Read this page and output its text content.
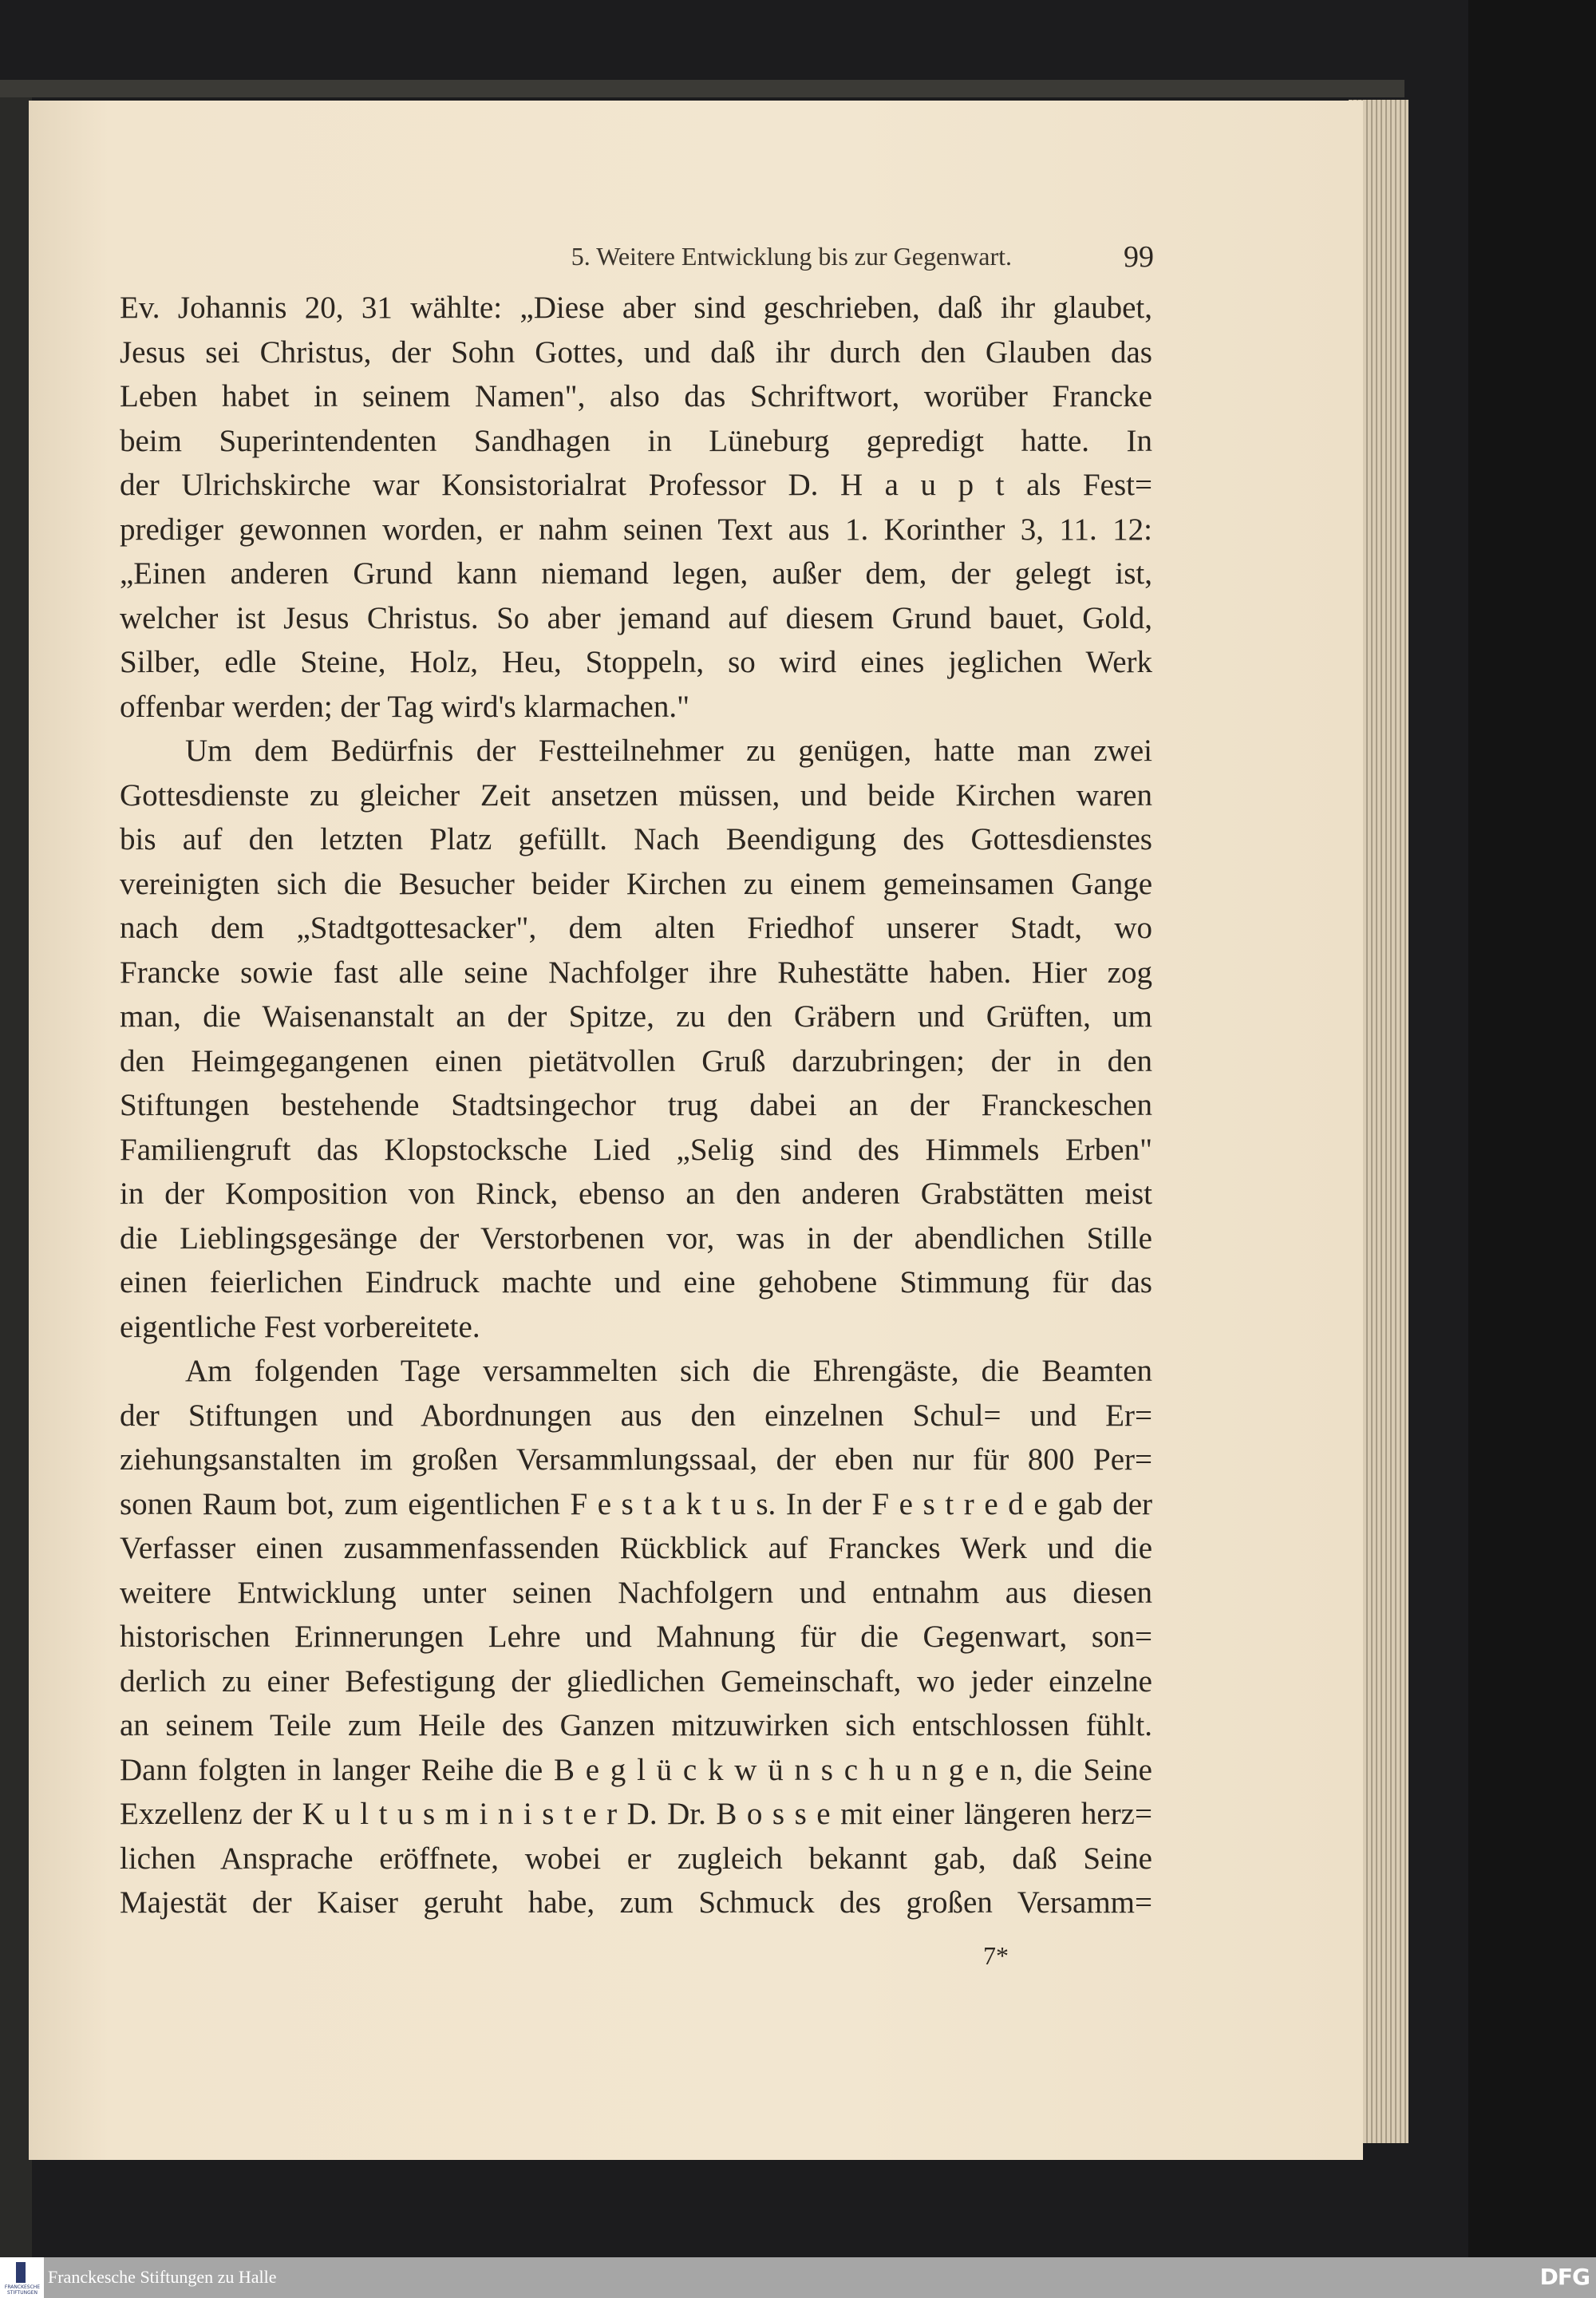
5. Weitere Entwicklung bis zur Gegenwart.	99
Ev. Johannis 20, 31 wählte: „Diese aber sind geschrieben, daß ihr glaubet,
Jesus sei Christus, der Sohn Gottes, und daß ihr durch den Glauben das
Leben habet in seinem Namen", also das Schriftwort, worüber Francke
beim Superintendenten Sandhagen in Lüneburg gepredigt hatte. In
der Ulrichskirche war Konsistorialrat Professor D. H a u p t als Fest=
prediger gewonnen worden, er nahm seinen Text aus 1. Korinther 3, 11. 12:
„Einen anderen Grund kann niemand legen, außer dem, der gelegt ist,
welcher ist Jesus Christus. So aber jemand auf diesem Grund bauet, Gold,
Silber, edle Steine, Holz, Heu, Stoppeln, so wird eines jeglichen Werk
offenbar werden; der Tag wird's klarmachen."
Um dem Bedürfnis der Festteilnehmer zu genügen, hatte man zwei
Gottesdienste zu gleicher Zeit ansetzen müssen, und beide Kirchen waren
bis auf den letzten Platz gefüllt. Nach Beendigung des Gottesdienstes
vereinigten sich die Besucher beider Kirchen zu einem gemeinsamen Gange
nach dem „Stadtgottesacker", dem alten Friedhof unserer Stadt, wo
Francke sowie fast alle seine Nachfolger ihre Ruhestätte haben. Hier zog
man, die Waisenanstalt an der Spitze, zu den Gräbern und Grüften, um
den Heimgegangenen einen pietätvollen Gruß darzubringen; der in den
Stiftungen bestehende Stadtsingechor trug dabei an der Franckeschen
Familiengruft das Klopstocksche Lied „Selig sind des Himmels Erben"
in der Komposition von Rinck, ebenso an den anderen Grabstätten meist
die Lieblingsgesänge der Verstorbenen vor, was in der abendlichen Stille
einen feierlichen Eindruck machte und eine gehobene Stimmung für das
eigentliche Fest vorbereitete.
Am folgenden Tage versammelten sich die Ehrengäste, die Beamten
der Stiftungen und Abordnungen aus den einzelnen Schul= und Er=
ziehungsanstalten im großen Versammlungssaal, der eben nur für 800 Per=
sonen Raum bot, zum eigentlichen F e s t a k t u s. In der F e s t r e d e gab der
Verfasser einen zusammenfassenden Rückblick auf Franckes Werk und die
weitere Entwicklung unter seinen Nachfolgern und entnahm aus diesen
historischen Erinnerungen Lehre und Mahnung für die Gegenwart, son=
derlich zu einer Befestigung der gliedlichen Gemeinschaft, wo jeder einzelne
an seinem Teile zum Heile des Ganzen mitzuwirken sich entschlossen fühlt.
Dann folgten in langer Reihe die B e g l ü c k w ü n s c h u n g e n, die Seine
Exzellenz der K u l t u s m i n i s t e r D. Dr. B o s s e mit einer längeren herz=
lichen Ansprache eröffnete, wobei er zugleich bekannt gab, daß Seine
Majestät der Kaiser geruht habe, zum Schmuck des großen Versamm=
7*
FRANCKESCHE STIFTUNGEN
Franckesche Stiftungen zu Halle	DFG
